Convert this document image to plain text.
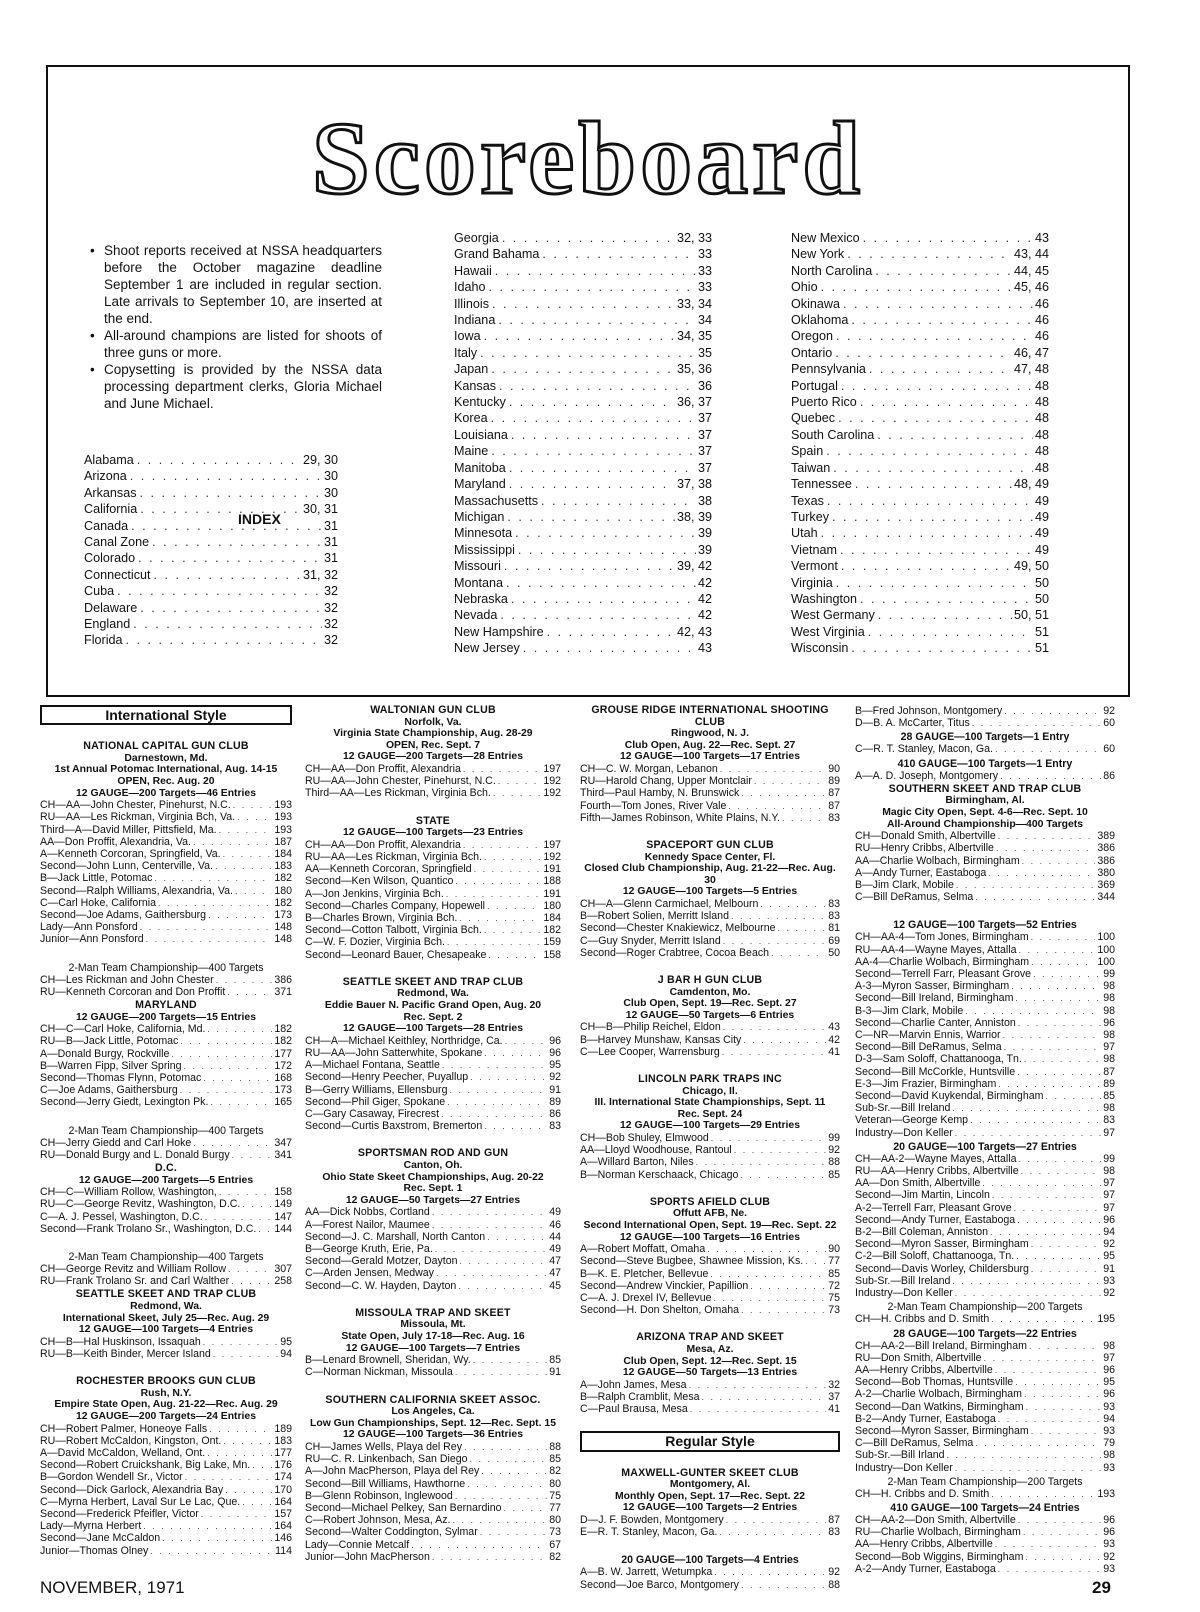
Scoreboard
• Shoot reports received at NSSA headquarters before the October magazine deadline September 1 are included in regular section. Late arrivals to September 10, are inserted at the end.
• All-around champions are listed for shoots of three guns or more.
• Copysetting is provided by the NSSA data processing department clerks, Gloria Michael and June Michael.
INDEX
Alabama . . .	29, 30
Arizona . . .	30
Arkansas . . .	30
California . . .	30, 31
Canada . . .	31
Canal Zone . . .	31
Colorado . . .	31
Connecticut . . .	31, 32
Cuba . . .	32
Delaware . . .	32
England . . .	32
Florida . . .	32
Georgia . . .	32, 33
Grand Bahama . . .	33
Hawaii . . .	33
Idaho . . .	33
Illinois . . .	33, 34
Indiana . . .	34
Iowa . . .	34, 35
Italy . . .	35
Japan . . .	35, 36
Kansas . . .	36
Kentucky . . .	36, 37
Korea . . .	37
Louisiana . . .	37
Maine . . .	37
Manitoba . . .	37
Maryland . . .	37, 38
Massachusetts . . .	38
Michigan . . .	38, 39
Minnesota . . .	39
Mississippi . . .	39
Missouri . . .	39, 42
Montana . . .	42
Nebraska . . .	42
Nevada . . .	42
New Hampshire . . .	42, 43
New Jersey . . .	43
New Mexico . . .	43
New York . . .	43, 44
North Carolina . . .	44, 45
Ohio . . .	45, 46
Okinawa . . .	46
Oklahoma . . .	46
Oregon . . .	46
Ontario . . .	46, 47
Pennsylvania . . .	47, 48
Portugal . . .	48
Puerto Rico . . .	48
Quebec . . .	48
South Carolina . . .	48
Spain . . .	48
Taiwan . . .	48
Tennessee . . .	48, 49
Texas . . .	49
Turkey . . .	49
Utah . . .	49
Vietnam . . .	49
Vermont . . .	49, 50
Virginia . . .	50
Washington . . .	50
West Germany . . .	50, 51
West Virginia . . .	51
Wisconsin . . .	51
International Style
NATIONAL CAPITAL GUN CLUB
Darnestown, Md.
1st Annual Potomac International, Aug. 14-15
OPEN, Rec. Aug. 20
12 GAUGE—200 Targets—46 Entries
CH—AA—John Chester, Pinehurst, N.C. . . .	193
RU—AA—Les Rickman, Virginia Bch, Va. . . .	193
Third—A—David Miller, Pittsfield, Ma. . . .	193
AA—Don Proffit, Alexandria, Va. . . .	187
A—Kenneth Corcoran, Springfield, Va. . . .	184
Second—John Lunn, Centerville, Va. . . .	183
B—Jack Little, Potomac . . .	182
Second—Ralph Williams, Alexandria, Va. . . .	180
C—Carl Hoke, California . . .	182
Second—Joe Adams, Gaithersburg . . .	173
Lady—Ann Ponsford . . .	148
Junior—Ann Ponsford . . .	148
2-Man Team Championship—400 Targets
CH—Les Rickman and John Chester . . .	386
RU—Kenneth Corcoran and Don Proffit . . .	371
MARYLAND
12 GAUGE—200 Targets—15 Entries
CH—C—Carl Hoke, California, Md. . . .	182
RU—B—Jack Little, Potomac . . .	182
A—Donald Burgy, Rockville . . .	177
B—Warren Fipp, Silver Spring . . .	172
Second—Thomas Flynn, Potomac . . .	168
C—Joe Adams, Gaithersburg . . .	173
Second—Jerry Giedt, Lexington Pk. . . .	165
2-Man Team Championship—400 Targets
CH—Jerry Giedd and Carl Hoke . . .	347
RU—Donald Burgy and L. Donald Burgy . . .	341
D.C.
12 GAUGE—200 Targets—5 Entries
CH—C—William Rollow, Washington, . . .	158
RU—C—George Revitz, Washington, D.C. . . .	149
C—A. J. Pessel, Washington, D.C. . . .	147
Second—Frank Trolano Sr., Washington, D.C. . . . 144
2-Man Team Championship—400 Targets
CH—George Revitz and William Rollow . . .	307
RU—Frank Trolano Sr. and Carl Walther . . .	258
SEATTLE SKEET AND TRAP CLUB
Redmond, Wa.
International Skeet, July 25—Rec. Aug. 29
12 GAUGE—100 Targets—4 Entries
CH—B—Hal Huskinson, Issaquah . . .	95
RU—B—Keith Binder, Mercer Island . . .	94
ROCHESTER BROOKS GUN CLUB
Rush, N.Y.
Empire State Open, Aug. 21-22—Rec. Aug. 29
12 GAUGE—200 Targets—24 Entries
CH—Robert Palmer, Honeoye Falls . . .	189
RU—Robert McCaldon, Kingston, Ont. . . .	183
A—David McCaldon, Welland, Ont. . . .	177
Second—Robert Cruickshank, Big Lake, Mn. . . . 176
B—Gordon Wendell Sr., Victor . . .	174
Second—Dick Garlock, Alexandria Bay . . .	170
C—Myrna Herbert, Laval Sur Le Lac, Que. . . .	164
Second—Frederick Pfeifler, Victor . . .	157
Lady—Myrna Herbert . . .	164
Second—Jane McCaldon . . .	146
Junior—Thomas Olney . . .	114
WALTONIAN GUN CLUB
Norfolk, Va.
Virginia State Championship, Aug. 28-29
OPEN, Rec. Sept. 7
12 GAUGE—200 Targets—28 Entries
CH—AA—Don Proffit, Alexandria . . .	197
RU—AA—John Chester, Pinehurst, N.C. . . .	192
Third—AA—Les Rickman, Virginia Bch. . . .	192
STATE
12 GAUGE—100 Targets—23 Entries
CH—AA—Don Proffit, Alexandria . . .	197
RU—AA—Les Rickman, Virginia Bch. . . .	192
AA—Kenneth Corcoran, Springfield . . .	191
Second—Ken Wilson, Quantico . . .	188
A—Jon Jenkins, Virginia Bch. . . .	191
Second—Charles Company, Hopewell . . .	180
B—Charles Brown, Virginia Bch. . . .	184
Second—Cotton Talbott, Virginia Bch. . . .	182
C—W. F. Dozier, Virginia Bch. . . .	159
Second—Leonard Bauer, Chesapeake . . .	158
SEATTLE SKEET AND TRAP CLUB
Redmond, Wa.
Eddie Bauer N. Pacific Grand Open, Aug. 20
Rec. Sept. 2
12 GAUGE—100 Targets—28 Entries
CH—A—Michael Keithley, Northridge, Ca. . . .	96
RU—AA—John Satterwhite, Spokane . . .	96
A—Michael Fontana, Seattle . . .	95
Second—Henry Peecher, Puyallup . . .	92
B—Gerry Williams, Ellensburg . . .	91
Second—Phil Giger, Spokane . . .	89
C—Gary Casaway, Firecrest . . .	86
Second—Curtis Baxstrom, Bremerton . . .	83
SPORTSMAN ROD AND GUN
Canton, Oh.
Ohio State Skeet Championships, Aug. 20-22
Rec. Sept. 1
12 GAUGE—50 Targets—27 Entries
AA—Dick Nobbs, Cortland . . .	49
A—Forest Nailor, Maumee . . .	46
Second—J. C. Marshall, North Canton . . .	44
B—George Kruth, Erie, Pa. . . .	49
Second—Gerald Motzer, Dayton . . .	47
C—Arden Jensen, Medway . . .	47
Second—C. W. Hayden, Dayton . . .	45
MISSOULA TRAP AND SKEET
Missoula, Mt.
State Open, July 17-18—Rec. Aug. 16
12 GAUGE—100 Targets—7 Entries
B—Lenard Brownell, Sheridan, Wy. . . .	85
C—Norman Nickman, Missoula . . .	91
SOUTHERN CALIFORNIA SKEET ASSOC.
Los Angeles, Ca.
Low Gun Championships, Sept. 12—Rec. Sept. 15
12 GAUGE—100 Targets—36 Entries
CH—James Wells, Playa del Rey . . .	88
RU—C. R. Linkenbach, San Diego . . .	85
A—John MacPherson, Playa del Rey . . .	82
Second—Bill Williams, Hawthorne . . .	80
B—Glenn Robinson, Inglewood . . .	75
Second—Michael Pelkey, San Bernardino . . .	77
C—Robert Johnson, Mesa, Az. . . .	80
Second—Walter Coddington, Sylmar . . .	73
Lady—Connie Metcalf . . .	67
Junior—John MacPherson . . .	82
GROUSE RIDGE INTERNATIONAL SHOOTING CLUB
Ringwood, N. J.
Club Open, Aug. 22—Rec. Sept. 27
12 GAUGE—100 Targets—17 Entries
CH—C. W. Morgan, Lebanon . . .	90
RU—Harold Chang, Upper Montclair . . .	89
Third—Paul Hamby, N. Brunswick . . .	87
Fourth—Tom Jones, River Vale . . .	87
Fifth—James Robinson, White Plains, N.Y. . . .	83
SPACEPORT GUN CLUB
Kennedy Space Center, Fl.
Closed Club Championship, Aug. 21-22—Rec. Aug. 30
12 GAUGE—100 Targets—5 Entries
CH—A—Glenn Carmichael, Melbourn . . .	83
B—Robert Solien, Merritt Island . . .	83
Second—Chester Knakiewicz, Melbourne . . .	81
C—Guy Snyder, Merritt Island . . .	69
Second—Roger Crabtree, Cocoa Beach . . .	50
J BAR H GUN CLUB
Camdenton, Mo.
Club Open, Sept. 19—Rec. Sept. 27
12 GAUGE—50 Targets—6 Entries
CH—B—Philip Reichel, Eldon . . .	43
B—Harvey Munshaw, Kansas City . . .	42
C—Lee Cooper, Warrensburg . . .	41
LINCOLN PARK TRAPS INC
Chicago, Il.
III. International State Championships, Sept. 11
Rec. Sept. 24
12 GAUGE—100 Targets—29 Entries
CH—Bob Shuley, Elmwood . . .	99
AA—Lloyd Woodhouse, Rantoul . . .	92
A—Willard Barton, Niles . . .	88
B—Norman Kerschaack, Chicago . . .	85
SPORTS AFIELD CLUB
Offutt AFB, Ne.
Second International Open, Sept. 19—Rec. Sept. 22
12 GAUGE—100 Targets—16 Entries
A—Robert Moffatt, Omaha . . .	90
Second—Steve Bugbee, Shawnee Mission, Ks. . . . 77
B—K. E. Pletcher, Bellevue . . .	85
Second—Andrew Vinckier, Papillion . . .	72
C—A. J. Drexel IV, Bellevue . . .	75
Second—H. Don Shelton, Omaha . . .	73
ARIZONA TRAP AND SKEET
Mesa, Az.
Club Open, Sept. 12—Rec. Sept. 15
12 GAUGE—50 Targets—13 Entries
A—John James, Mesa . . .	32
B—Ralph Cramblit, Mesa . . .	37
C—Paul Brausa, Mesa . . .	41
Regular Style
MAXWELL-GUNTER SKEET CLUB
Montgomery, Al.
Monthly Open, Sept. 17—Rec. Sept. 22
12 GAUGE—100 Targets—2 Entries
D—J. F. Bowden, Montgomery . . .	87
E—R. T. Stanley, Macon, Ga. . . .	83
20 GAUGE—100 Targets—4 Entries
A—B. W. Jarrett, Wetumpka . . .	92
Second—Joe Barco, Montgomery . . .	88
B—Fred Johnson, Montgomery . . .	92
D—B. A. McCarter, Titus . . .	60
28 GAUGE—100 Targets—1 Entry
C—R. T. Stanley, Macon, Ga. . . .	60
410 GAUGE—100 Targets—1 Entry
A—A. D. Joseph, Montgomery . . .	86
SOUTHERN SKEET AND TRAP CLUB
Birmingham, Al.
Magic City Open, Sept. 4-6—Rec. Sept. 10
All-Around Championship—400 Targets
CH—Donald Smith, Albertville . . .	389
RU—Henry Cribbs, Albertville . . .	386
AA—Charlie Wolbach, Birmingham . . .	386
A—Andy Turner, Eastaboga . . .	380
B—Jim Clark, Mobile . . .	369
C—Bill DeRamus, Selma . . .	344
12 GAUGE—100 Targets—52 Entries
CH—AA-4—Tom Jones, Birmingham . . .	100
RU—AA-4—Wayne Mayes, Attalla . . .	100
AA-4—Charlie Wolbach, Birmingham . . .	100
Second—Terrell Farr, Pleasant Grove . . .	99
A-3—Myron Sasser, Birmingham . . .	98
Second—Bill Ireland, Birmingham . . .	98
B-3—Jim Clark, Mobile . . .	98
Second—Charlie Canter, Anniston . . .	96
C—NR—Marvin Ennis, Warrior . . .	98
Second—Bill DeRamus, Selma . . .	97
D-3—Sam Soloff, Chattanooga, Tn. . . .	98
Second—Bill McCorkle, Huntsville . . .	87
E-3—Jim Frazier, Birmingham . . .	89
Second—David Kuykendal, Birmingham . . .	85
Sub-Sr.—Bill Ireland . . .	98
Veteran—George Kemp . . .	83
Industry—Don Keller . . .	97
20 GAUGE—100 Targets—27 Entries
CH—AA-2—Wayne Mayes, Attalla . . .	99
RU—AA—Henry Cribbs, Albertville . . .	98
AA—Don Smith, Albertville . . .	97
Second—Jim Martin, Lincoln . . .	97
A-2—Terrell Farr, Pleasant Grove . . .	97
Second—Andy Turner, Eastaboga . . .	96
B-2—Bill Coleman, Anniston . . .	94
Second—Myron Sasser, Birmingham . . .	92
C-2—Bill Soloff, Chattanooga, Tn. . . .	95
Second—Davis Worley, Childersburg . . .	91
Sub-Sr.—Bill Ireland . . .	93
Industry—Don Keller . . .	92
2-Man Team Championship—200 Targets
CH—H. Cribbs and D. Smith . . .	195
28 GAUGE—100 Targets—22 Entries
CH—AA-2—Bill Ireland, Birmingham . . .	98
RU—Don Smith, Albertville . . .	97
AA—Henry Cribbs, Albertville . . .	96
Second—Bob Thomas, Huntsville . . .	95
A-2—Charlie Wolbach, Birmingham . . .	96
Second—Dan Watkins, Birmingham . . .	93
B-2—Andy Turner, Eastaboga . . .	94
Second—Myron Sasser, Birmingham . . .	93
C—Bill DeRamus, Selma . . .	79
Sub-Sr.—Bill Irland . . .	98
Industry—Don Keller . . .	93
2-Man Team Championship—200 Targets
CH—H. Cribbs and D. Smith . . .	193
410 GAUGE—100 Targets—24 Entries
CH—AA-2—Don Smith, Albertville . . .	96
RU—Charlie Wolbach, Birmingham . . .	96
AA—Henry Cribbs, Albertville . . .	93
Second—Bob Wiggins, Birmingham . . .	92
A-2—Andy Turner, Eastaboga . . .	93
NOVEMBER, 1971	29
